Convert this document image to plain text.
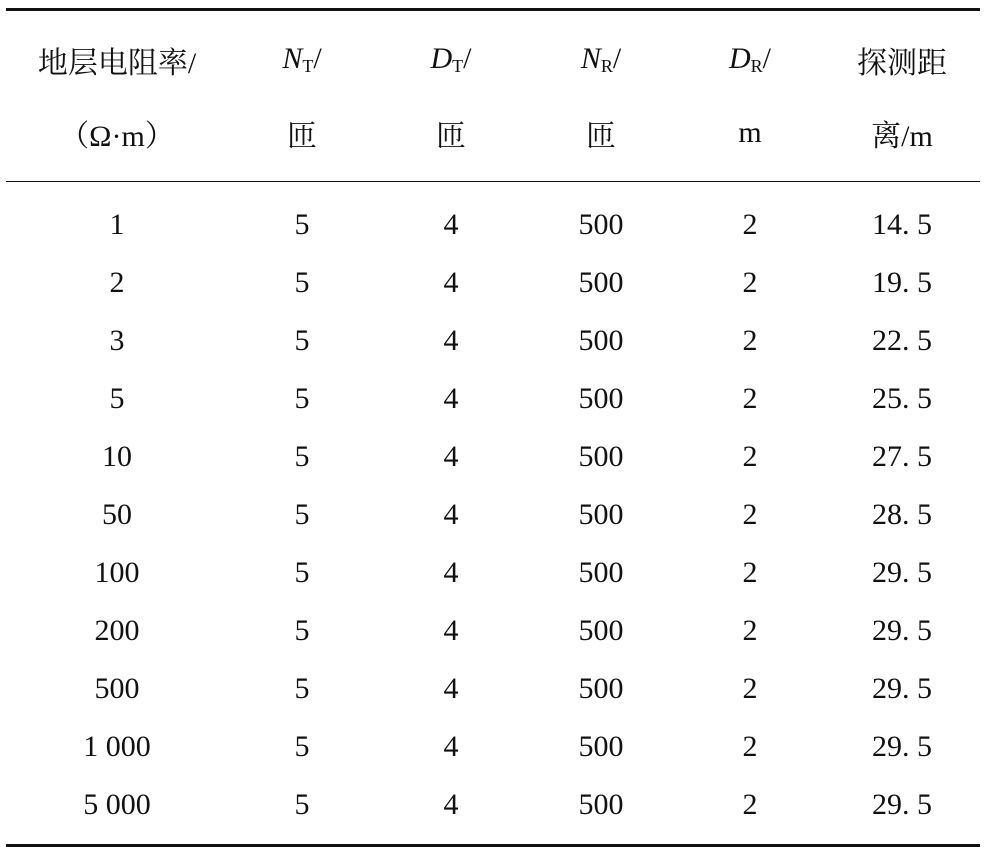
地层电阻率/	$N_T/$	$D_T/$	$N_R/$	$D_R/$	探测距
（Ω·m）	匝	匝	匝	m	离/m
1	5	4	500	2	14. 5
2	5	4	500	2	19. 5
3	5	4	500	2	22. 5
5	5	4	500	2	25. 5
10	5	4	500	2	27. 5
50	5	4	500	2	28. 5
100	5	4	500	2	29. 5
200	5	4	500	2	29. 5
500	5	4	500	2	29. 5
1 000	5	4	500	2	29. 5
5 000	5	4	500	2	29. 5
